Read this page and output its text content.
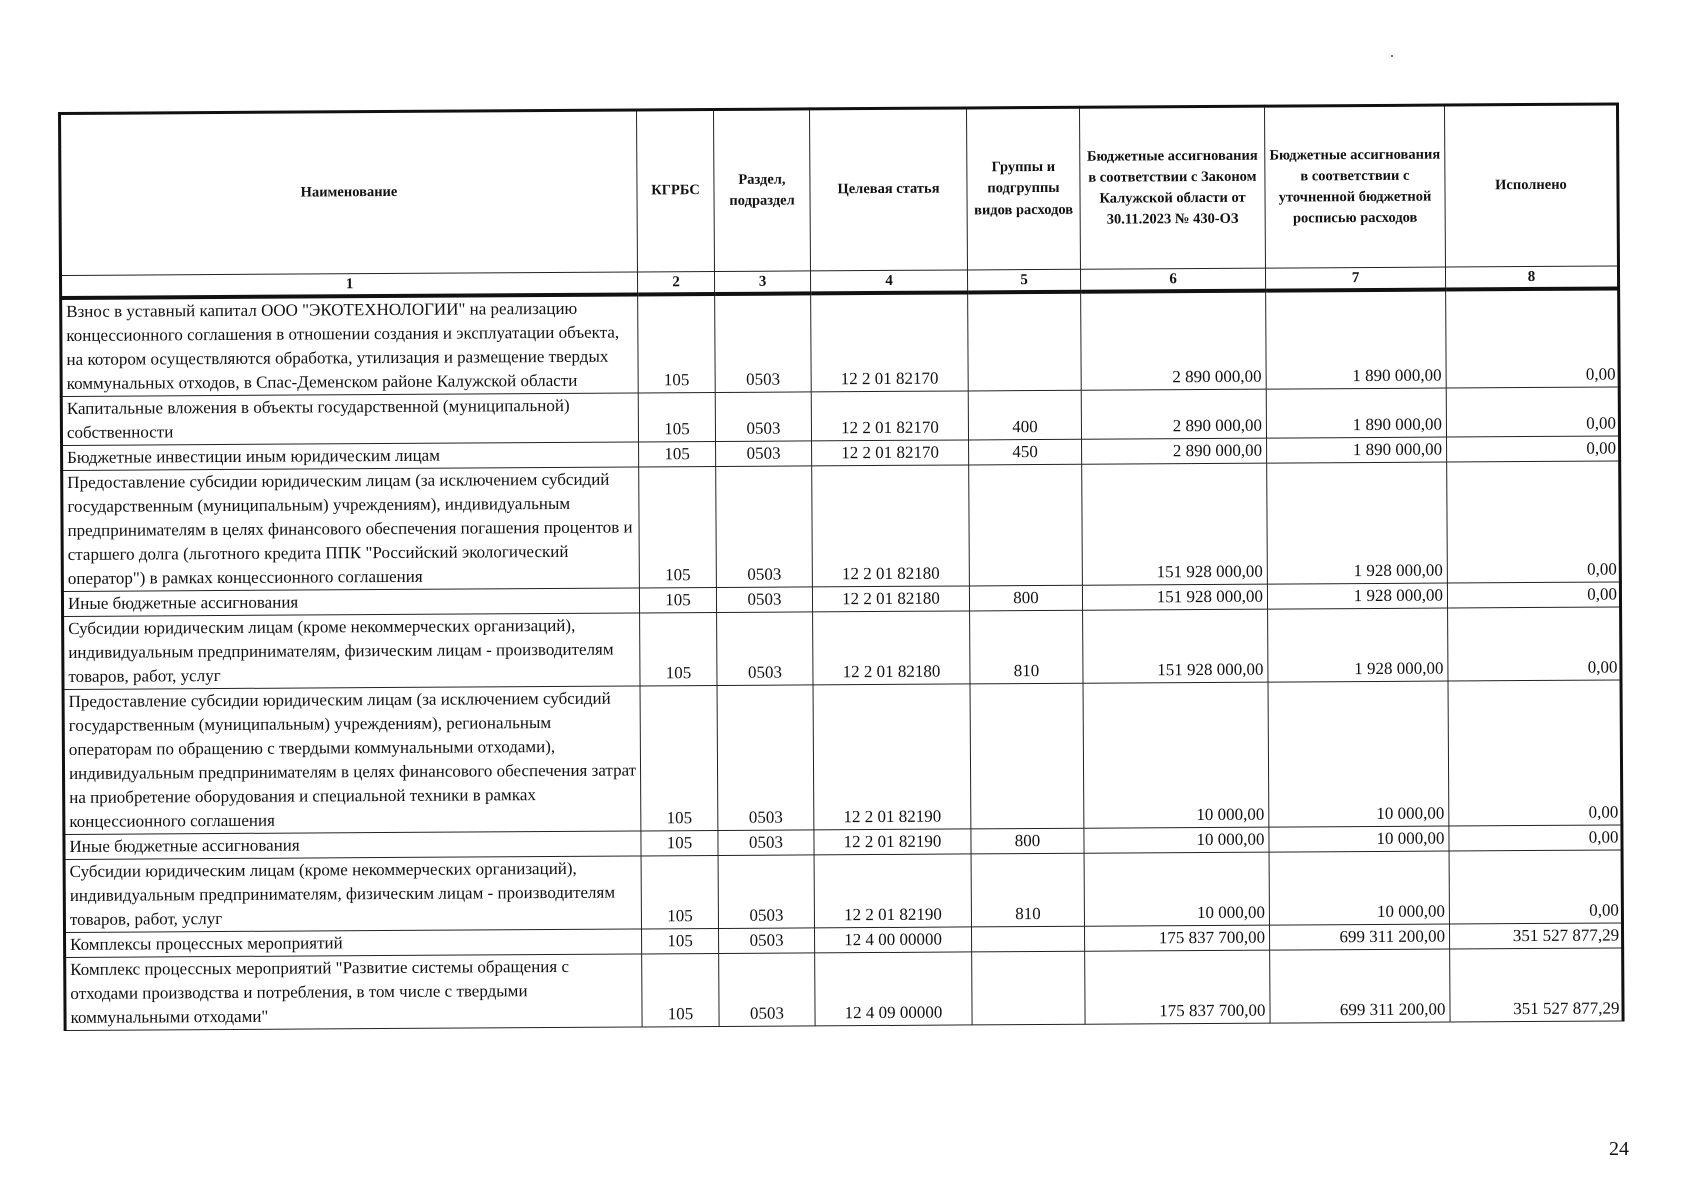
Наименование	КГРБС	Раздел, подраздел	Целевая статья	Группы и подгруппы видов расходов	Бюджетные ассигнования в соответствии с Законом Калужской области от 30.11.2023 № 430-ОЗ	Бюджетные ассигнования в соответствии с уточненной бюджетной росписью расходов	Исполнено
1	2	3	4	5	6	7	8
Взнос в уставный капитал ООО "ЭКОТЕХНОЛОГИИ" на реализацию концессионного соглашения в отношении создания и эксплуатации объекта, на котором осуществляются обработка, утилизация и размещение твердых коммунальных отходов, в Спас-Деменском районе Калужской области	105	0503	12 2 01 82170		2 890 000,00	1 890 000,00	0,00
Капитальные вложения в объекты государственной (муниципальной) собственности	105	0503	12 2 01 82170	400	2 890 000,00	1 890 000,00	0,00
Бюджетные инвестиции иным юридическим лицам	105	0503	12 2 01 82170	450	2 890 000,00	1 890 000,00	0,00
Предоставление субсидии юридическим лицам (за исключением субсидий государственным (муниципальным) учреждениям), индивидуальным предпринимателям в целях финансового обеспечения погашения процентов и старшего долга (льготного кредита ППК "Российский экологический оператор") в рамках концессионного соглашения	105	0503	12 2 01 82180		151 928 000,00	1 928 000,00	0,00
Иные бюджетные ассигнования	105	0503	12 2 01 82180	800	151 928 000,00	1 928 000,00	0,00
Субсидии юридическим лицам (кроме некоммерческих организаций), индивидуальным предпринимателям, физическим лицам - производителям товаров, работ, услуг	105	0503	12 2 01 82180	810	151 928 000,00	1 928 000,00	0,00
Предоставление субсидии юридическим лицам (за исключением субсидий государственным (муниципальным) учреждениям), региональным операторам по обращению с твердыми коммунальными отходами), индивидуальным предпринимателям в целях финансового обеспечения затрат на приобретение оборудования и специальной техники в рамках концессионного соглашения	105	0503	12 2 01 82190		10 000,00	10 000,00	0,00
Иные бюджетные ассигнования	105	0503	12 2 01 82190	800	10 000,00	10 000,00	0,00
Субсидии юридическим лицам (кроме некоммерческих организаций), индивидуальным предпринимателям, физическим лицам - производителям товаров, работ, услуг	105	0503	12 2 01 82190	810	10 000,00	10 000,00	0,00
Комплексы процессных мероприятий	105	0503	12 4 00 00000		175 837 700,00	699 311 200,00	351 527 877,29
Комплекс процессных мероприятий "Развитие системы обращения с отходами производства и потребления, в том числе с твердыми коммунальными отходами"	105	0503	12 4 09 00000		175 837 700,00	699 311 200,00	351 527 877,29
24
